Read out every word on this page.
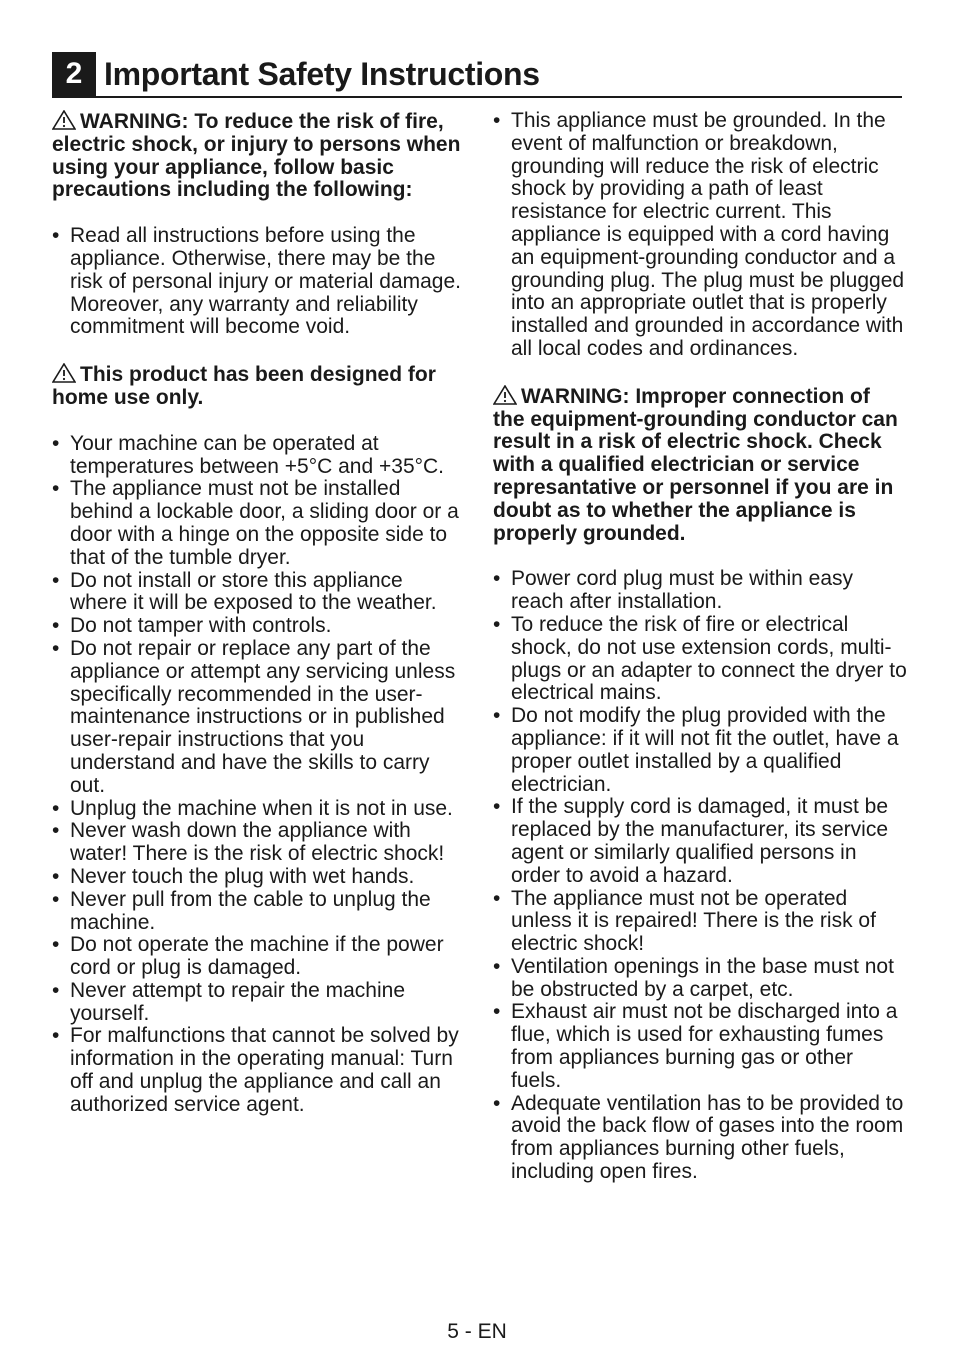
2 Important Safety Instructions
WARNING: To reduce the risk of fire, electric shock, or injury to persons when using your appliance, follow basic precautions including the following:
• Read all instructions before using the appliance. Otherwise, there may be the risk of personal injury or material damage. Moreover, any warranty and reliability commitment will become void.
This product has been designed for home use only.
• Your machine can be operated at temperatures between +5°C and +35°C.
• The appliance must not be installed behind a lockable door, a sliding door or a door with a hinge on the opposite side to that of the tumble dryer.
• Do not install or store this appliance where it will be exposed to the weather.
• Do not tamper with controls.
• Do not repair or replace any part of the appliance or attempt any servicing unless specifically recommended in the user-maintenance instructions or in published user-repair instructions that you understand and have the skills to carry out.
• Unplug the machine when it is not in use.
• Never wash down the appliance with water! There is the risk of electric shock!
• Never touch the plug with wet hands.
• Never pull from the cable to unplug the machine.
• Do not operate the machine if the power cord or plug is damaged.
• Never attempt to repair the machine yourself.
• For malfunctions that cannot be solved by information in the operating manual: Turn off and unplug the appliance and call an authorized service agent.
• This appliance must be grounded. In the event of malfunction or breakdown, grounding will reduce the risk of electric shock by providing a path of least resistance for electric current. This appliance is equipped with a cord having an equipment-grounding conductor and a grounding plug. The plug must be plugged into an appropriate outlet that is properly installed and grounded in accordance with all local codes and ordinances.
WARNING: Improper connection of the equipment-grounding conductor can result in a risk of electric shock. Check with a qualified electrician or service represantative or personnel if you are in doubt as to whether the appliance is properly grounded.
• Power cord plug must be within easy reach after installation.
• To reduce the risk of fire or electrical shock, do not use extension cords, multi-plugs or an adapter to connect the dryer to electrical mains.
• Do not modify the plug provided with the appliance: if it will not fit the outlet, have a proper outlet installed by a qualified electrician.
• If the supply cord is damaged, it must be replaced by the manufacturer, its service agent or similarly qualified persons in order to avoid a hazard.
• The appliance must not be operated unless it is repaired! There is the risk of electric shock!
• Ventilation openings in the base must not be obstructed by a carpet, etc.
• Exhaust air must not be discharged into a flue, which is used for exhausting fumes from appliances burning gas or other fuels.
• Adequate ventilation has to be provided to avoid the back flow of gases into the room from appliances burning other fuels, including open fires.
5 - EN
